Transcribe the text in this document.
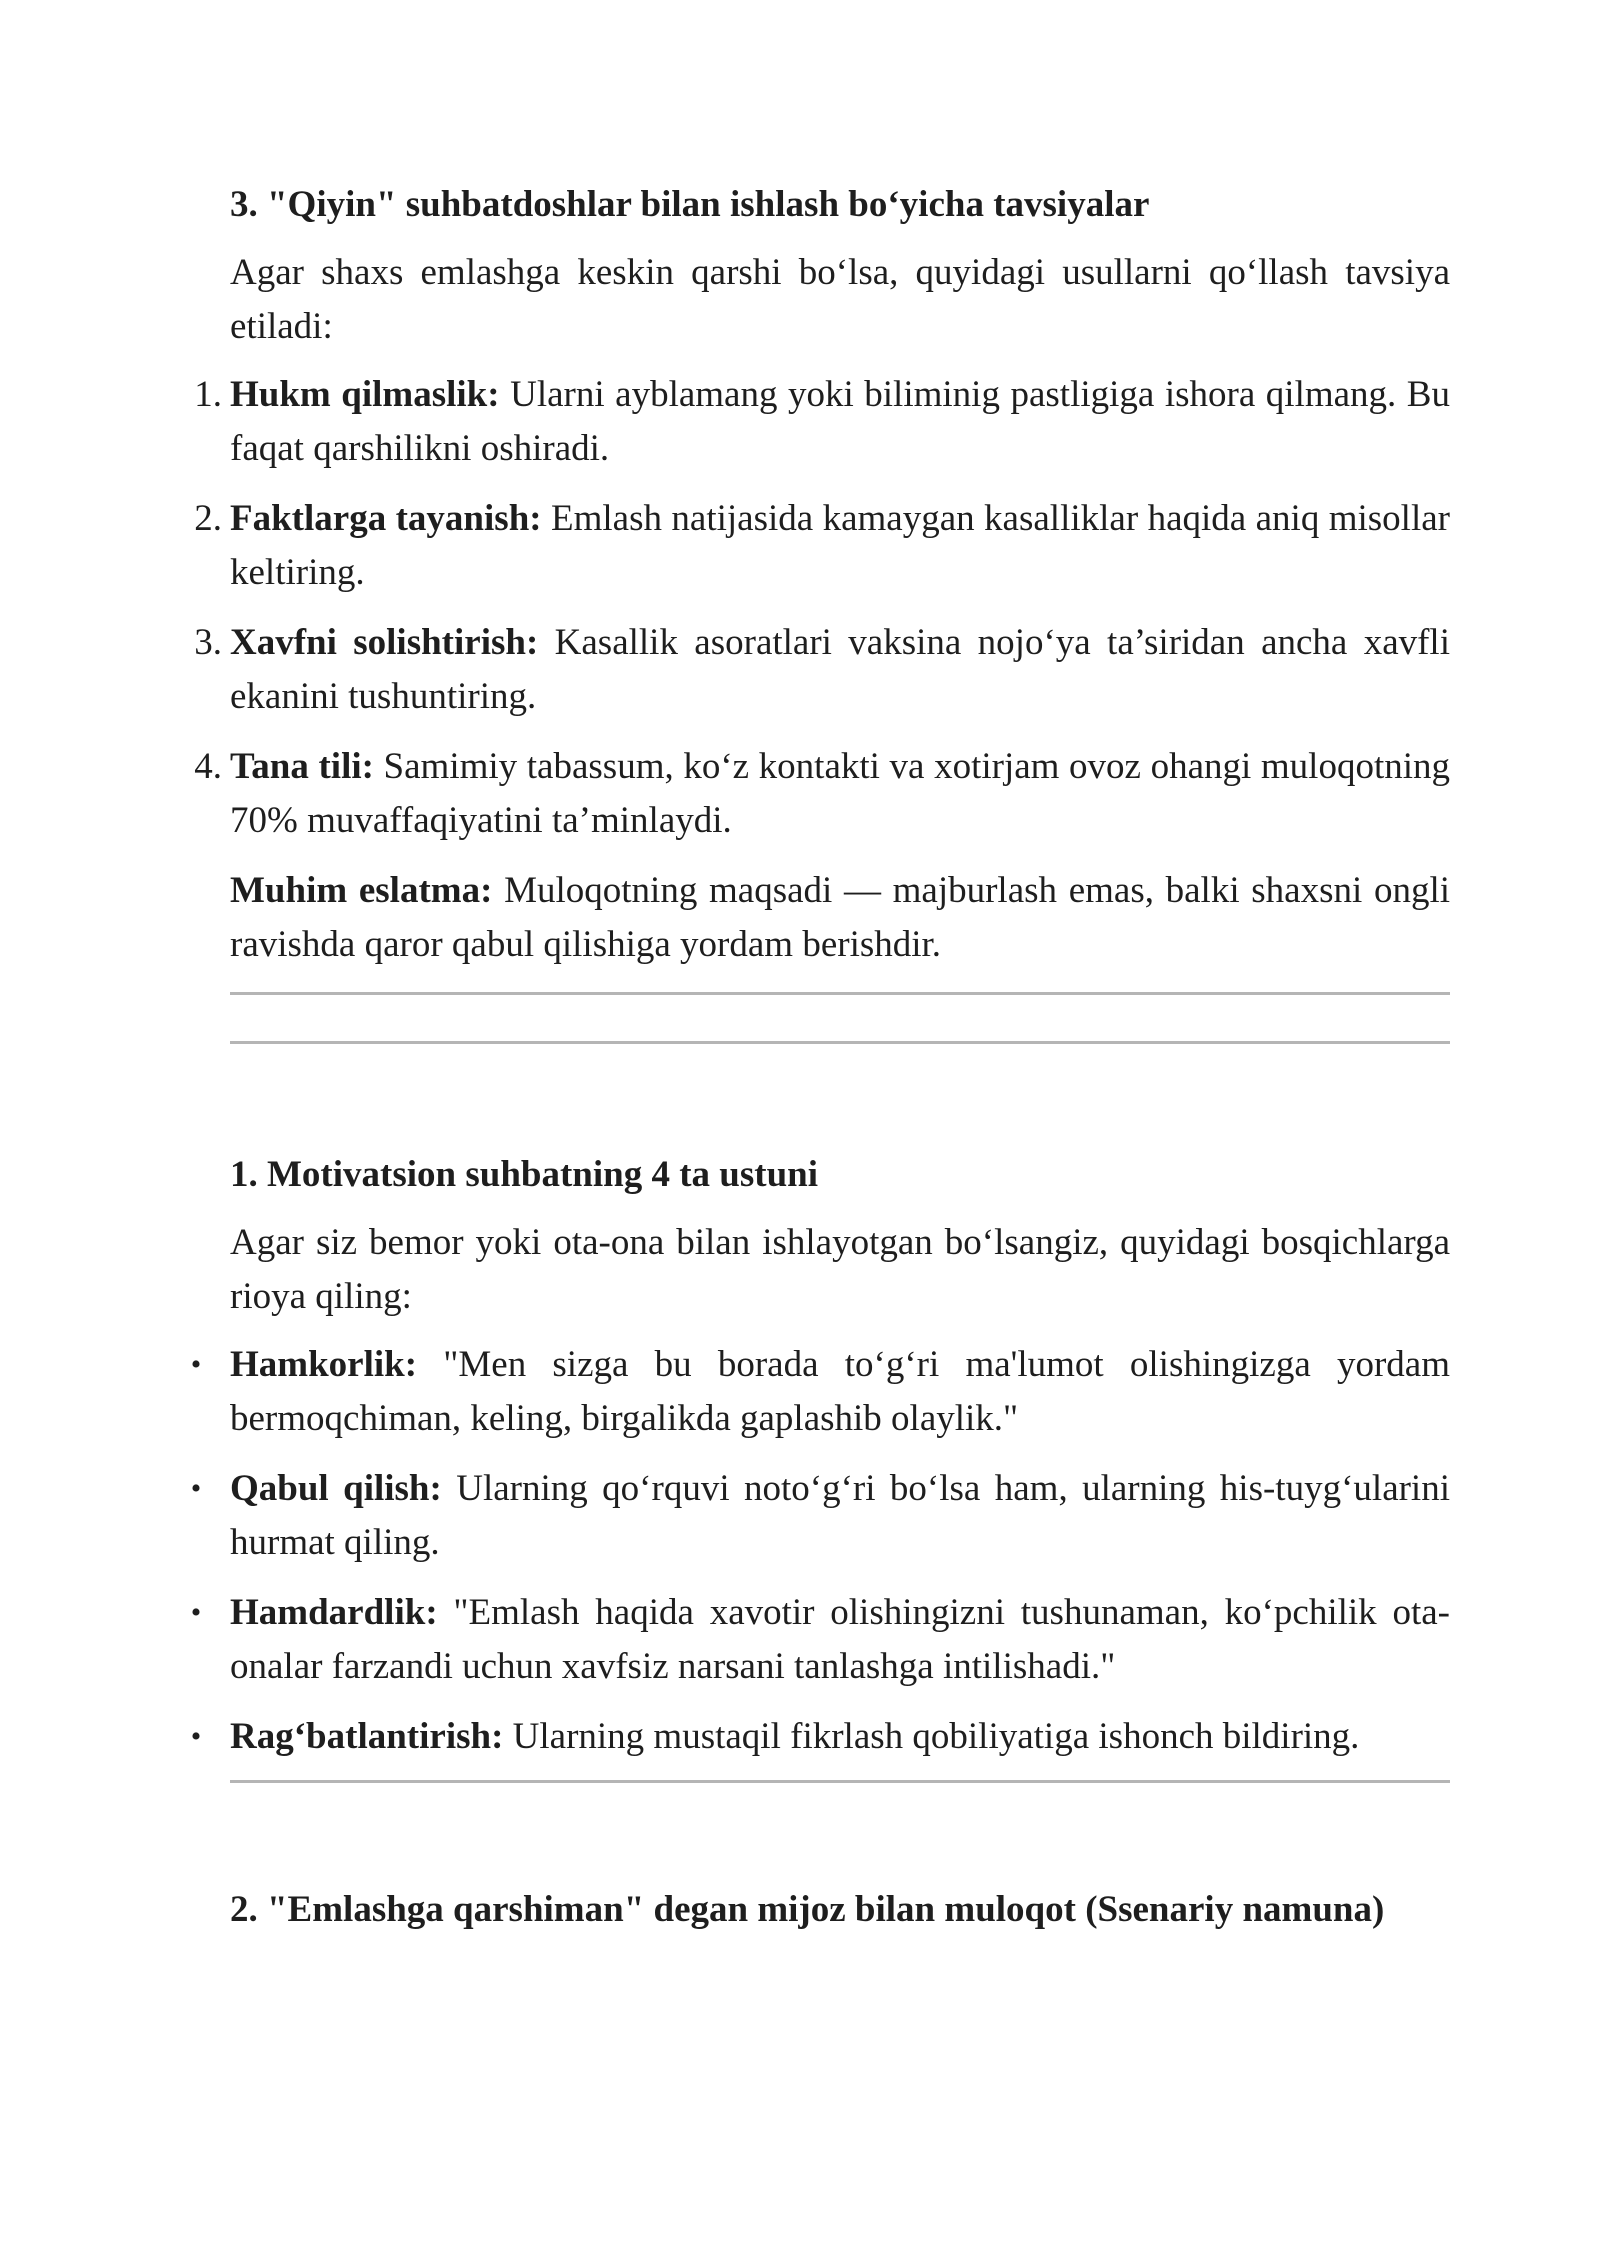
3. "Qiyin" suhbatdoshlar bilan ishlash bo‘yicha tavsiyalar

Agar shaxs emlashga keskin qarshi bo‘lsa, quyidagi usullarni qo‘llash tavsiya etiladi:

1. Hukm qilmaslik: Ularni ayblamang yoki biliminig pastligiga ishora qilmang. Bu faqat qarshilikni oshiradi.
2. Faktlarga tayanish: Emlash natijasida kamaygan kasalliklar haqida aniq misollar keltiring.
3. Xavfni solishtirish: Kasallik asoratlari vaksina nojo‘ya ta’siridan ancha xavfli ekanini tushuntiring.
4. Tana tili: Samimiy tabassum, ko‘z kontakti va xotirjam ovoz ohangi muloqotning 70% muvaffaqiyatini ta’minlaydi.

Muhim eslatma: Muloqotning maqsadi — majburlash emas, balki shaxsni ongli ravishda qaror qabul qilishiga yordam berishdir.

1. Motivatsion suhbatning 4 ta ustuni

Agar siz bemor yoki ota-ona bilan ishlayotgan bo‘lsangiz, quyidagi bosqichlarga rioya qiling:

• Hamkorlik: "Men sizga bu borada to‘g‘ri ma'lumot olishingizga yordam bermoqchiman, keling, birgalikda gaplashib olaylik."
• Qabul qilish: Ularning qo‘rquvi noto‘g‘ri bo‘lsa ham, ularning his-tuyg‘ularini hurmat qiling.
• Hamdardlik: "Emlash haqida xavotir olishingizni tushunaman, ko‘pchilik ota-onalar farzandi uchun xavfsiz narsani tanlashga intilishadi."
• Rag‘batlantirish: Ularning mustaqil fikrlash qobiliyatiga ishonch bildiring.
2. "Emlashga qarshiman" degan mijoz bilan muloqot (Ssenariy namuna)
